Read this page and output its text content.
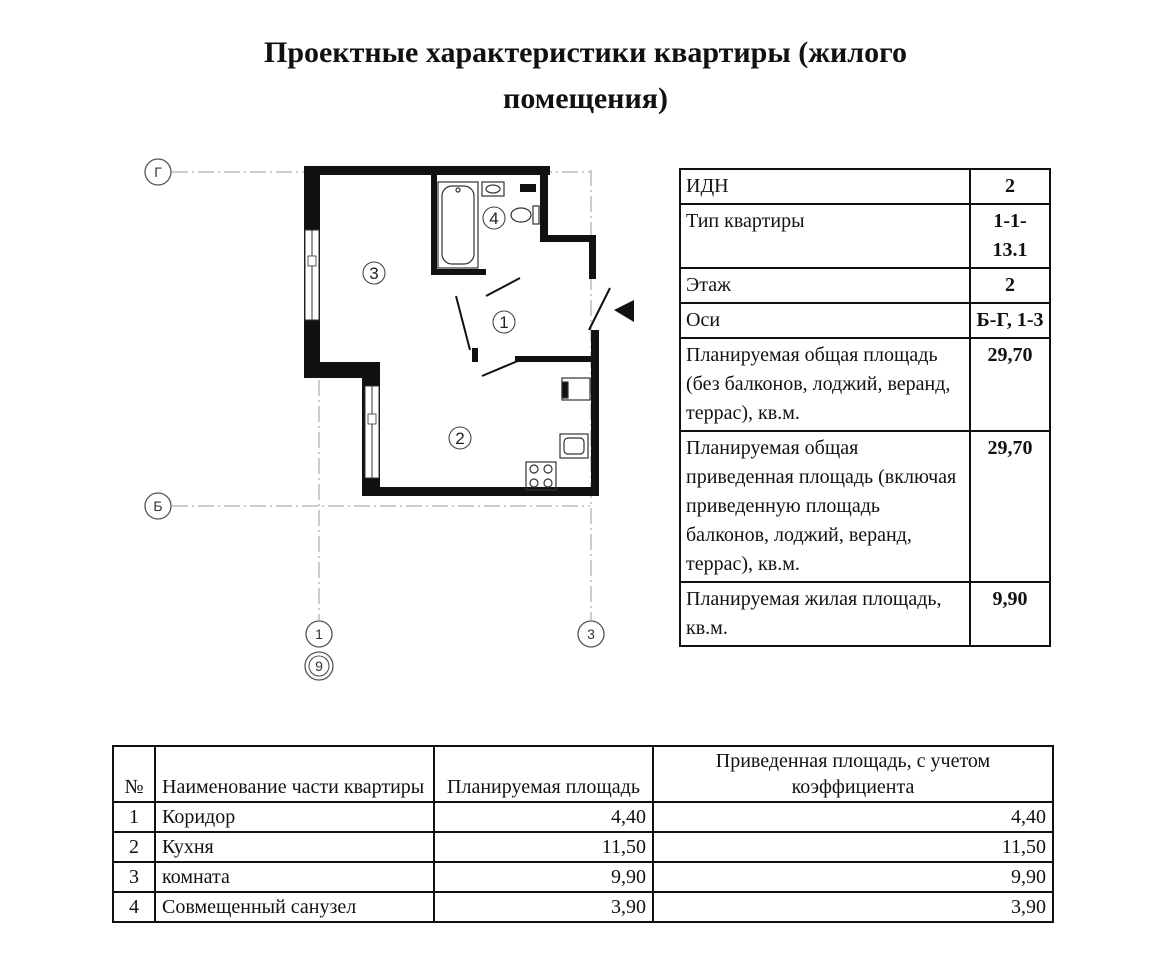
Проектные характеристики квартиры (жилого
помещения)
Г
Б
1	3
9
1
2
3
4
ИДН	2
Тип квартиры	1-1-13.1
Этаж	2
Оси	Б-Г, 1-3
Планируемая общая площадь (без балконов, лоджий, веранд, террас), кв.м.	29,70
Планируемая общая приведенная площадь (включая приведенную площадь балконов, лоджий, веранд, террас), кв.м.	29,70
Планируемая жилая площадь, кв.м.	9,90
№	Наименование части квартиры	Планируемая площадь	Приведенная площадь, с учетом коэффициента
1	Коридор	4,40	4,40
2	Кухня	11,50	11,50
3	комната	9,90	9,90
4	Совмещенный санузел	3,90	3,90
